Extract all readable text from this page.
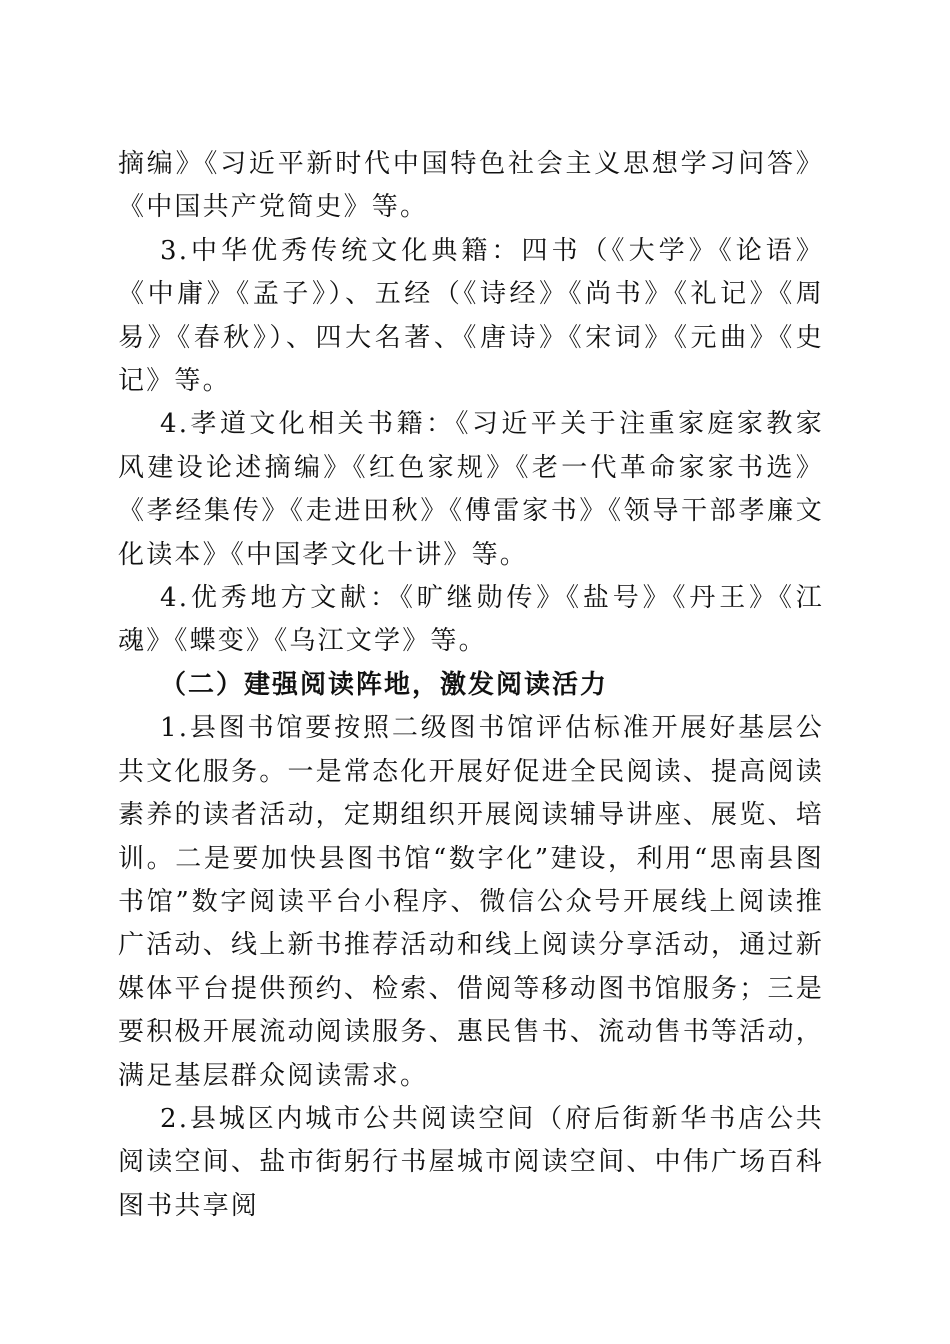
摘编》《习近平新时代中国特色社会主义思想学习问答》《中国共产党简史》等。

3.中华优秀传统文化典籍：四书（《大学》《论语》《中庸》《孟子》）、五经（《诗经》《尚书》《礼记》《周易》《春秋》）、四大名著、《唐诗》《宋词》《元曲》《史记》等。

4.孝道文化相关书籍：《习近平关于注重家庭家教家风建设论述摘编》《红色家规》《老一代革命家家书选》《孝经集传》《走进田秋》《傅雷家书》《领导干部孝廉文化读本》《中国孝文化十讲》等。

4.优秀地方文献：《旷继勋传》《盐号》《丹王》《江魂》《蝶变》《乌江文学》等。

（二）建强阅读阵地，激发阅读活力

1.县图书馆要按照二级图书馆评估标准开展好基层公共文化服务。一是常态化开展好促进全民阅读、提高阅读素养的读者活动，定期组织开展阅读辅导讲座、展览、培训。二是要加快县图书馆“数字化”建设，利用“思南县图书馆”数字阅读平台小程序、微信公众号开展线上阅读推广活动、线上新书推荐活动和线上阅读分享活动，通过新媒体平台提供预约、检索、借阅等移动图书馆服务；三是要积极开展流动阅读服务、惠民售书、流动售书等活动，满足基层群众阅读需求。

2.县城区内城市公共阅读空间（府后街新华书店公共阅读空间、盐市街躬行书屋城市阅读空间、中伟广场百科图书共享阅
